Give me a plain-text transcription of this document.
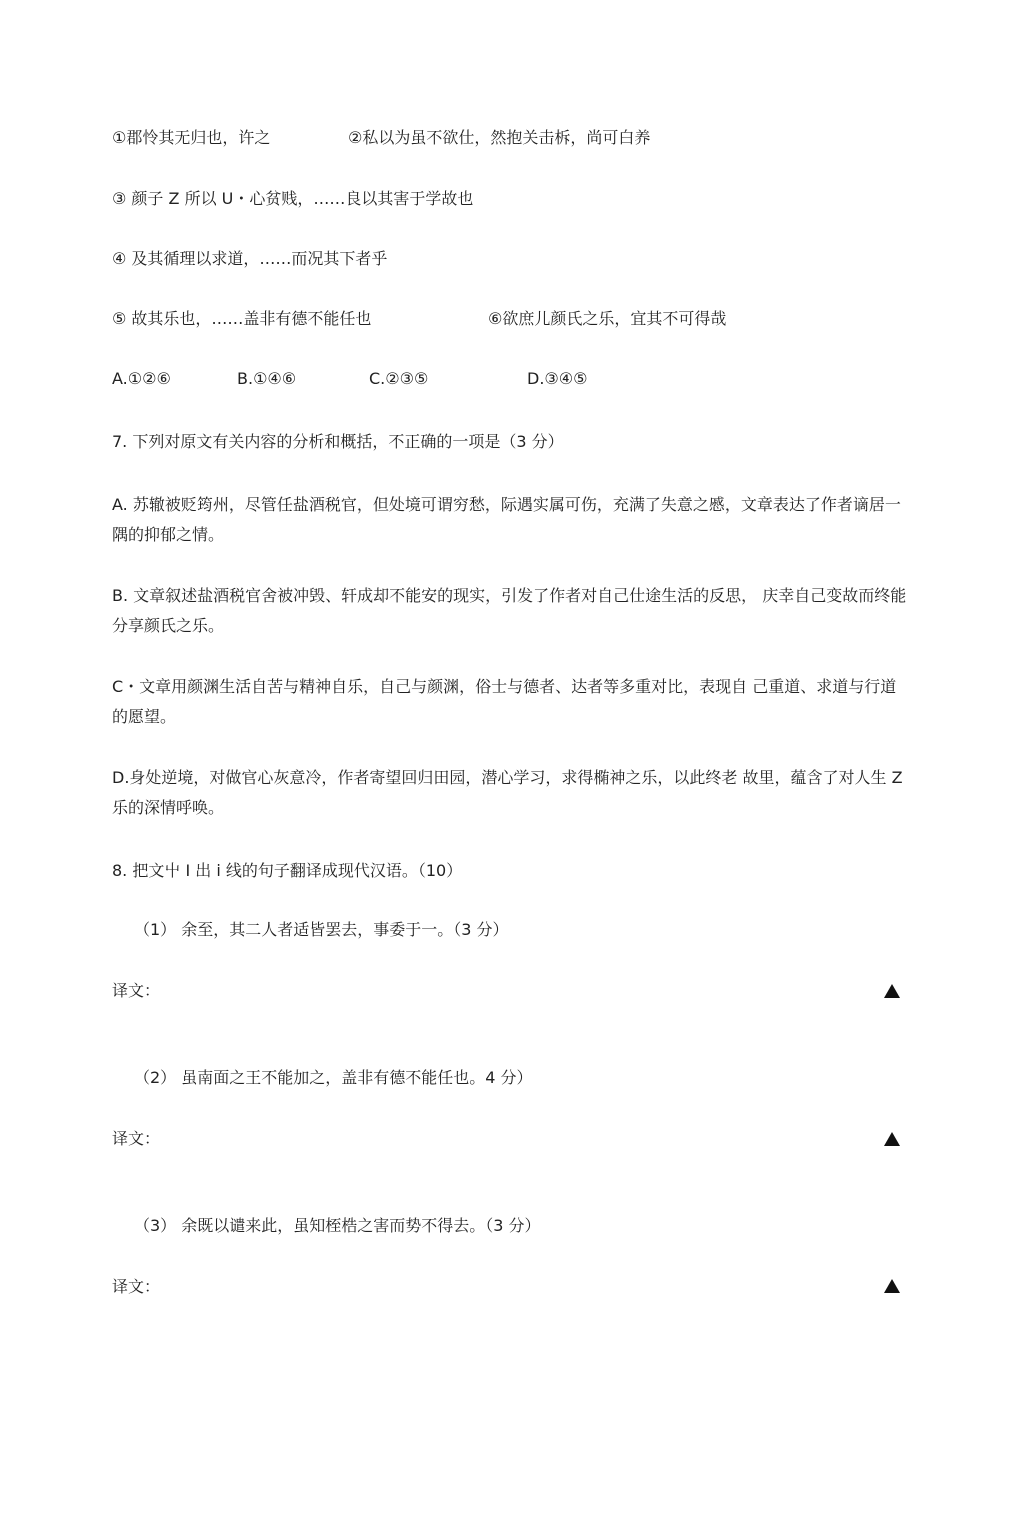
①郡怜其无归也，许之	②私以为虽不欲仕，然抱关击柝，尚可白养
③ 颜子 Z 所以 U・心贫贱，……良以其害于学故也
④ 及其循理以求道，……而况其下者乎
⑤ 故其乐也，……盖非有德不能任也	⑥欲庶儿颜氏之乐，宜其不可得哉
A.①②⑥	B.①④⑥	C.②③⑤	D.③④⑤
7. 下列对原文有关内容的分析和概括，不正确的一项是（3 分）
A. 苏辙被贬筠州，尽管任盐酒税官，但处境可谓穷愁，际遇实属可伤，充满了失意之慼，文章表达了作者谪居一隅的抑郁之情。
B. 文章叙述盐酒税官舍被冲毁、轩成却不能安的现实，引发了作者对自己仕途生活的反思， 庆幸自己变故而终能分享颜氏之乐。
C・文章用颜渊生活自苦与精神自乐，自己与颜渊，俗士与德者、达者等多重对比，表现自 己重道、求道与行道的愿望。
D.身处逆境，对做官心灰意冷，作者寄望回归田园，潜心学习，求得椭神之乐，以此终老 故里，蕴含了对人生 Z 乐的深情呼唤。
8. 把文屮 I 出 i 线的句子翻译成现代汉语。（10）
（1） 余至，其二人者适皆罢去，事委于一。（3 分）
译文：
（2） 虽南面之王不能加之，盖非有德不能任也。4 分）
译文：
（3） 余既以谴来此，虽知桎梏之害而势不得去。（3 分）
译文：
